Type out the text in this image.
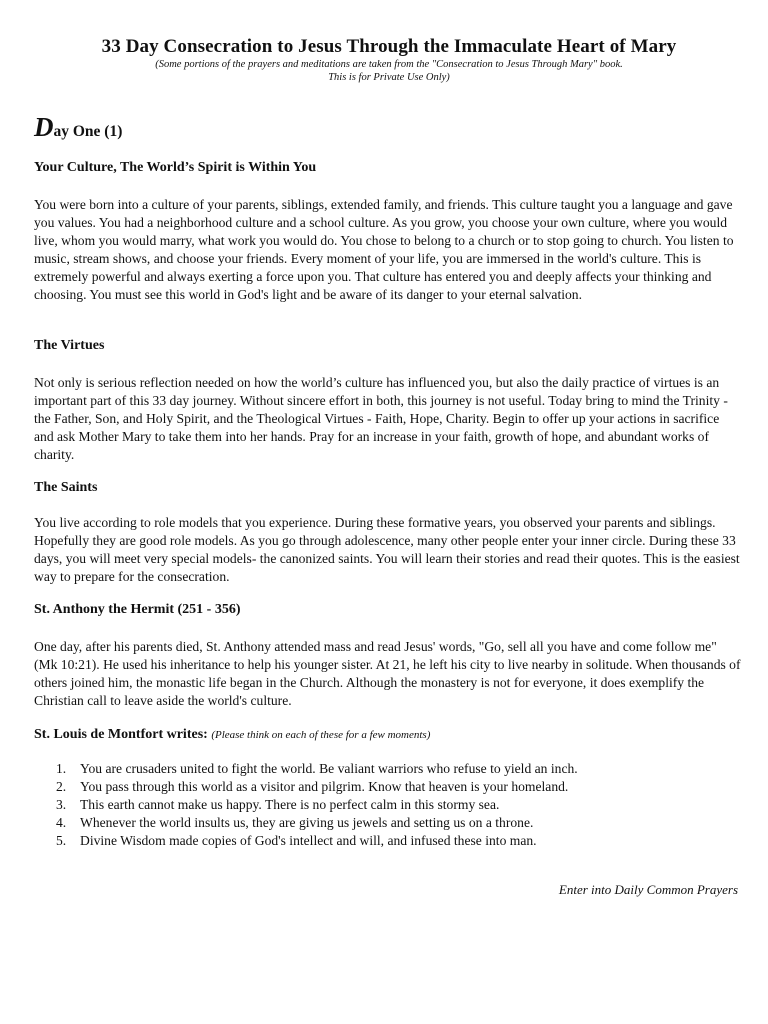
33 Day Consecration to Jesus Through the Immaculate Heart of Mary
(Some portions of the prayers and meditations are taken from the "Consecration to Jesus Through Mary" book.
This is for Private Use Only)
Day One (1)
Your Culture, The World’s Spirit is Within You

You were born into a culture of your parents, siblings, extended family, and friends. This culture taught you a language and gave you values. You had a neighborhood culture and a school culture. As you grow, you choose your own culture, where you would live, whom you would marry, what work you would do. You chose to belong to a church or to stop going to church. You listen to music, stream shows, and choose your friends. Every moment of your life, you are immersed in the world's culture. This is extremely powerful and always exerting a force upon you. That culture has entered you and deeply affects your thinking and choosing. You must see this world in God's light and be aware of its danger to your eternal salvation.

The Virtues

Not only is serious reflection needed on how the world’s culture has influenced you, but also the daily practice of virtues is an important part of this 33 day journey. Without sincere effort in both, this journey is not useful. Today bring to mind the Trinity - the Father, Son, and Holy Spirit, and the Theological Virtues - Faith, Hope, Charity. Begin to offer up your actions in sacrifice and ask Mother Mary to take them into her hands. Pray for an increase in your faith, growth of hope, and abundant works of charity.

The Saints

You live according to role models that you experience. During these formative years, you observed your parents and siblings. Hopefully they are good role models. As you go through adolescence, many other people enter your inner circle. During these 33 days, you will meet very special models- the canonized saints. You will learn their stories and read their quotes. This is the easiest way to prepare for the consecration.

St. Anthony the Hermit (251 - 356)

One day, after his parents died, St. Anthony attended mass and read Jesus' words, "Go, sell all you have and come follow me" (Mk 10:21). He used his inheritance to help his younger sister. At 21, he left his city to live nearby in solitude. When thousands of others joined him, the monastic life began in the Church. Although the monastery is not for everyone, it does exemplify the Christian call to leave aside the world's culture.

St. Louis de Montfort writes: (Please think on each of these for a few moments)
1. You are crusaders united to fight the world. Be valiant warriors who refuse to yield an inch.
2. You pass through this world as a visitor and pilgrim. Know that heaven is your homeland.
3. This earth cannot make us happy. There is no perfect calm in this stormy sea.
4. Whenever the world insults us, they are giving us jewels and setting us on a throne.
5. Divine Wisdom made copies of God's intellect and will, and infused these into man.
Enter into Daily Common Prayers
